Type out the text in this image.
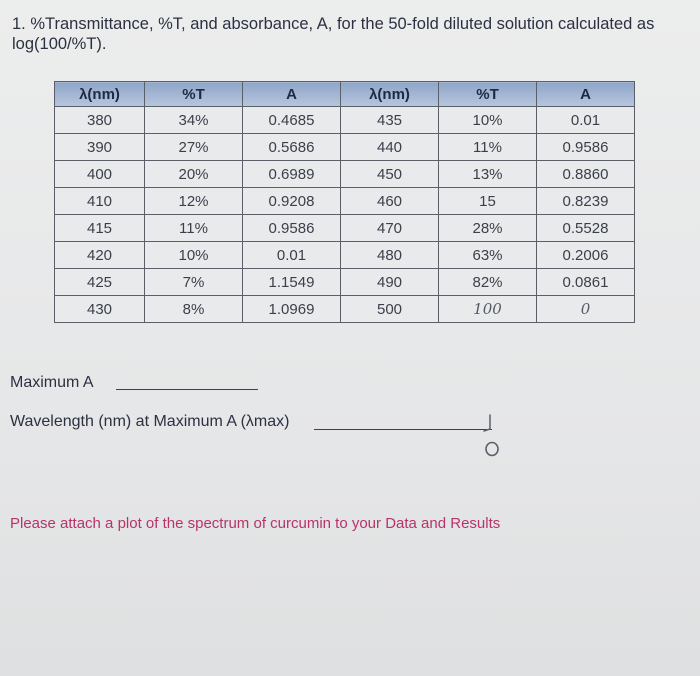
1. %Transmittance, %T, and absorbance, A, for the 50-fold diluted solution calculated as log(100/%T).
λ(nm)	%T	A	λ(nm)	%T	A
380	34%	0.4685	435	10%	0.01
390	27%	0.5686	440	11%	0.9586
400	20%	0.6989	450	13%	0.8860
410	12%	0.9208	460	15	0.8239
415	11%	0.9586	470	28%	0.5528
420	10%	0.01	480	63%	0.2006
425	7%	1.1549	490	82%	0.0861
430	8%	1.0969	500	100	0
Maximum A
Wavelength (nm) at Maximum A (λmax)
Please attach a plot of the spectrum of curcumin to your Data and Results
